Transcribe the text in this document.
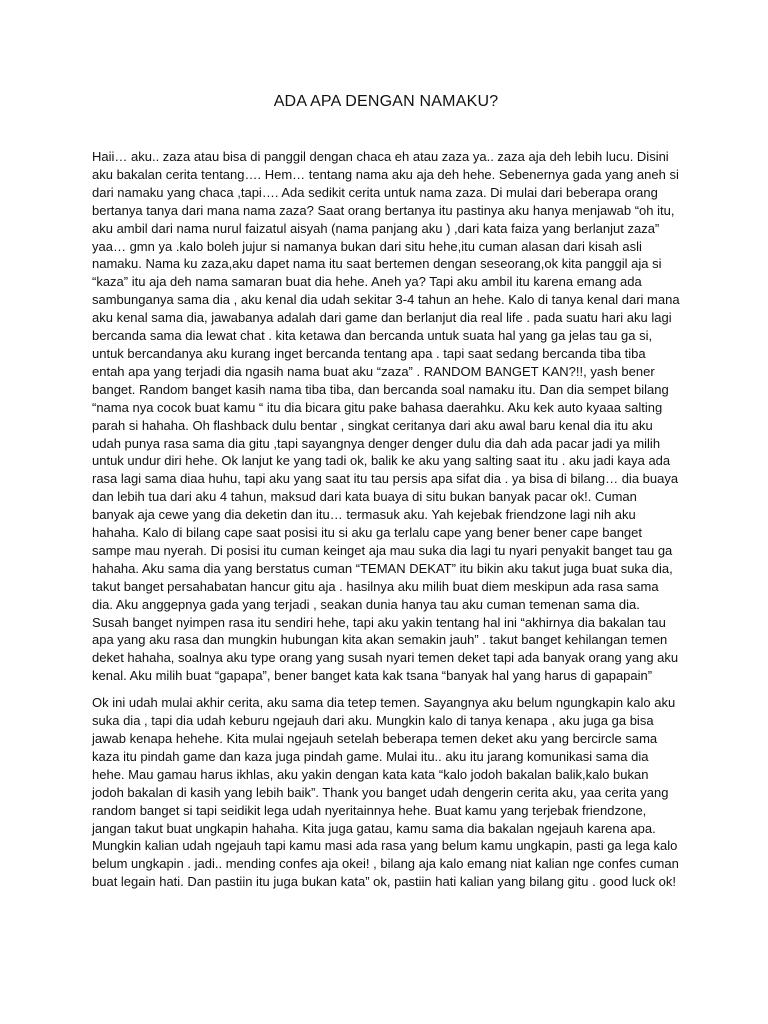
ADA APA DENGAN NAMAKU?

Haii… aku.. zaza atau bisa di panggil dengan chaca eh atau zaza ya.. zaza aja deh lebih lucu. Disini aku bakalan cerita tentang…. Hem… tentang nama aku aja deh hehe. Sebenernya gada yang aneh si dari namaku yang chaca ,tapi…. Ada sedikit cerita untuk nama zaza. Di mulai dari beberapa orang bertanya tanya dari mana nama zaza? Saat orang bertanya itu pastinya aku hanya menjawab “oh itu, aku ambil dari nama nurul faizatul aisyah (nama panjang aku ) ,dari kata faiza yang berlanjut zaza” yaa… gmn ya .kalo boleh jujur si namanya bukan dari situ hehe,itu cuman alasan dari kisah asli namaku. Nama ku zaza,aku dapet nama itu saat bertemen dengan seseorang,ok kita panggil aja si “kaza” itu aja deh nama samaran buat dia hehe. Aneh ya? Tapi aku ambil itu karena emang ada sambunganya sama dia , aku kenal dia udah sekitar 3-4 tahun an hehe. Kalo di tanya kenal dari mana aku kenal sama dia, jawabanya adalah dari game dan berlanjut dia real life . pada suatu hari aku lagi bercanda sama dia lewat chat . kita ketawa dan bercanda untuk suata hal yang ga jelas tau ga si, untuk bercandanya aku kurang inget bercanda tentang apa . tapi saat sedang bercanda tiba tiba entah apa yang terjadi dia ngasih nama buat aku “zaza” . RANDOM BANGET KAN?!!, yash bener banget. Random banget kasih nama tiba tiba, dan bercanda soal namaku itu. Dan dia sempet bilang “nama nya cocok buat kamu “ itu dia bicara gitu pake bahasa daerahku. Aku kek auto kyaaa salting parah si hahaha. Oh flashback dulu bentar , singkat ceritanya dari aku awal baru kenal dia itu aku udah punya rasa sama dia gitu ,tapi sayangnya denger denger dulu dia dah ada pacar jadi ya milih untuk undur diri hehe. Ok lanjut ke yang tadi ok, balik ke aku yang salting saat itu . aku jadi kaya ada rasa lagi sama diaa huhu, tapi aku yang saat itu tau persis apa sifat dia . ya bisa di bilang… dia buaya dan lebih tua dari aku 4 tahun, maksud dari kata buaya di situ bukan banyak pacar ok!. Cuman banyak aja cewe yang dia deketin dan itu… termasuk aku. Yah kejebak friendzone lagi nih aku hahaha. Kalo di bilang cape saat posisi itu si aku ga terlalu cape yang bener bener cape banget sampe mau nyerah. Di posisi itu cuman keinget aja mau suka dia lagi tu nyari penyakit banget tau ga hahaha. Aku sama dia yang berstatus cuman “TEMAN DEKAT” itu bikin aku takut juga buat suka dia, takut banget persahabatan hancur gitu aja . hasilnya aku milih buat diem meskipun ada rasa sama dia. Aku anggepnya gada yang terjadi , seakan dunia hanya tau aku cuman temenan sama dia. Susah banget nyimpen rasa itu sendiri hehe, tapi aku yakin tentang hal ini “akhirnya dia bakalan tau apa yang aku rasa dan mungkin hubungan kita akan semakin jauh” . takut banget kehilangan temen deket hahaha, soalnya aku type orang yang susah nyari temen deket tapi ada banyak orang yang aku kenal. Aku milih buat “gapapa”, bener banget kata kak tsana “banyak hal yang harus di gapapain”

Ok ini udah mulai akhir cerita, aku sama dia tetep temen. Sayangnya aku belum ngungkapin kalo aku suka dia , tapi dia udah keburu ngejauh dari aku. Mungkin kalo di tanya kenapa , aku juga ga bisa jawab kenapa hehehe. Kita mulai ngejauh setelah beberapa temen deket aku yang bercircle sama kaza itu pindah game dan kaza juga pindah game. Mulai itu.. aku itu jarang komunikasi sama dia hehe. Mau gamau harus ikhlas, aku yakin dengan kata kata “kalo jodoh bakalan balik,kalo bukan jodoh bakalan di kasih yang lebih baik”. Thank you banget udah dengerin cerita aku, yaa cerita yang random banget si tapi seidikit lega udah nyeritainnya hehe. Buat kamu yang terjebak friendzone, jangan takut buat ungkapin hahaha. Kita juga gatau, kamu sama dia bakalan ngejauh karena apa. Mungkin kalian udah ngejauh tapi kamu masi ada rasa yang belum kamu ungkapin, pasti ga lega kalo belum ungkapin . jadi.. mending confes aja okei! , bilang aja kalo emang niat kalian nge confes cuman buat legain hati. Dan pastiin itu juga bukan kata” ok, pastiin hati kalian yang bilang gitu . good luck ok!
